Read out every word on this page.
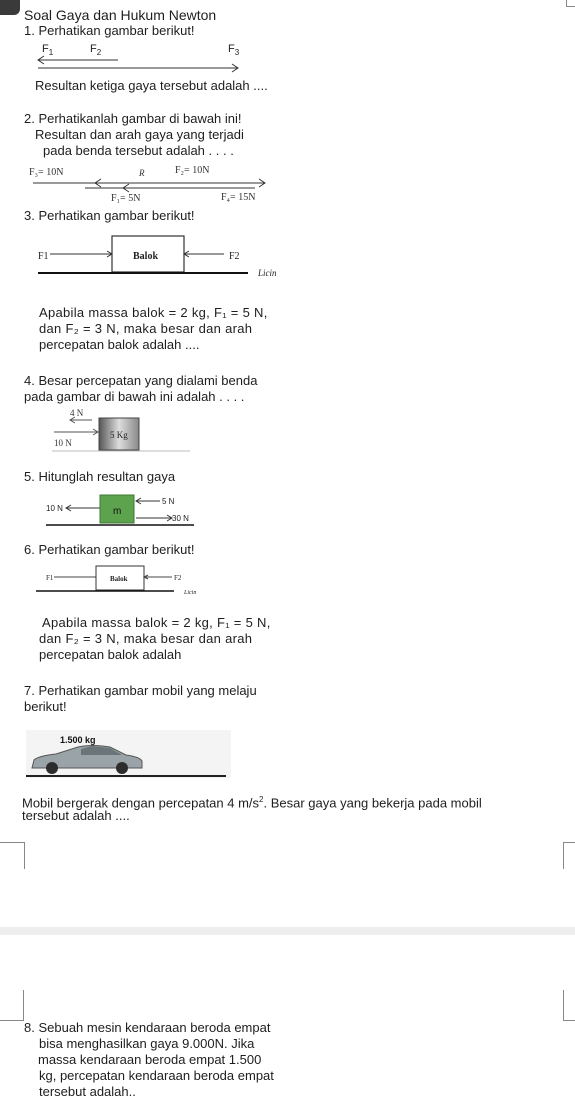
Soal Gaya dan Hukum Newton
1. Perhatikan gambar berikut!
$F_1$	$F_2$	$F_3$
Resultan ketiga gaya tersebut adalah ....
2. Perhatikanlah gambar di bawah ini!
Resultan dan arah gaya yang terjadi
pada benda tersebut adalah . . . .
F₃= 10N	R	F₂= 10N
F₁= 5N	F₄= 15N
3. Perhatikan gambar berikut!
F1	Balok	F2
Licin
Apabila massa balok = 2 kg, F₁ = 5 N,
dan F₂ = 3 N, maka besar dan arah
percepatan balok adalah ....
4. Besar percepatan yang dialami benda
pada gambar di bawah ini adalah . . . .
4 N
10 N
5 Kg
5. Hitunglah resultan gaya
10 N	m
5 N
30 N
6. Perhatikan gambar berikut!
F1	Balok	F2
Licin
Apabila massa balok = 2 kg, F₁ = 5 N,
dan F₂ = 3 N, maka besar dan arah
percepatan balok adalah
7. Perhatikan gambar mobil yang melaju
berikut!
1.500 kg
Mobil bergerak dengan percepatan 4 $m/s^2$. Besar gaya yang bekerja pada mobil
tersebut adalah ....
8. Sebuah mesin kendaraan beroda empat
bisa menghasilkan gaya 9.000N. Jika
massa kendaraan beroda empat 1.500
kg, percepatan kendaraan beroda empat
tersebut adalah..
